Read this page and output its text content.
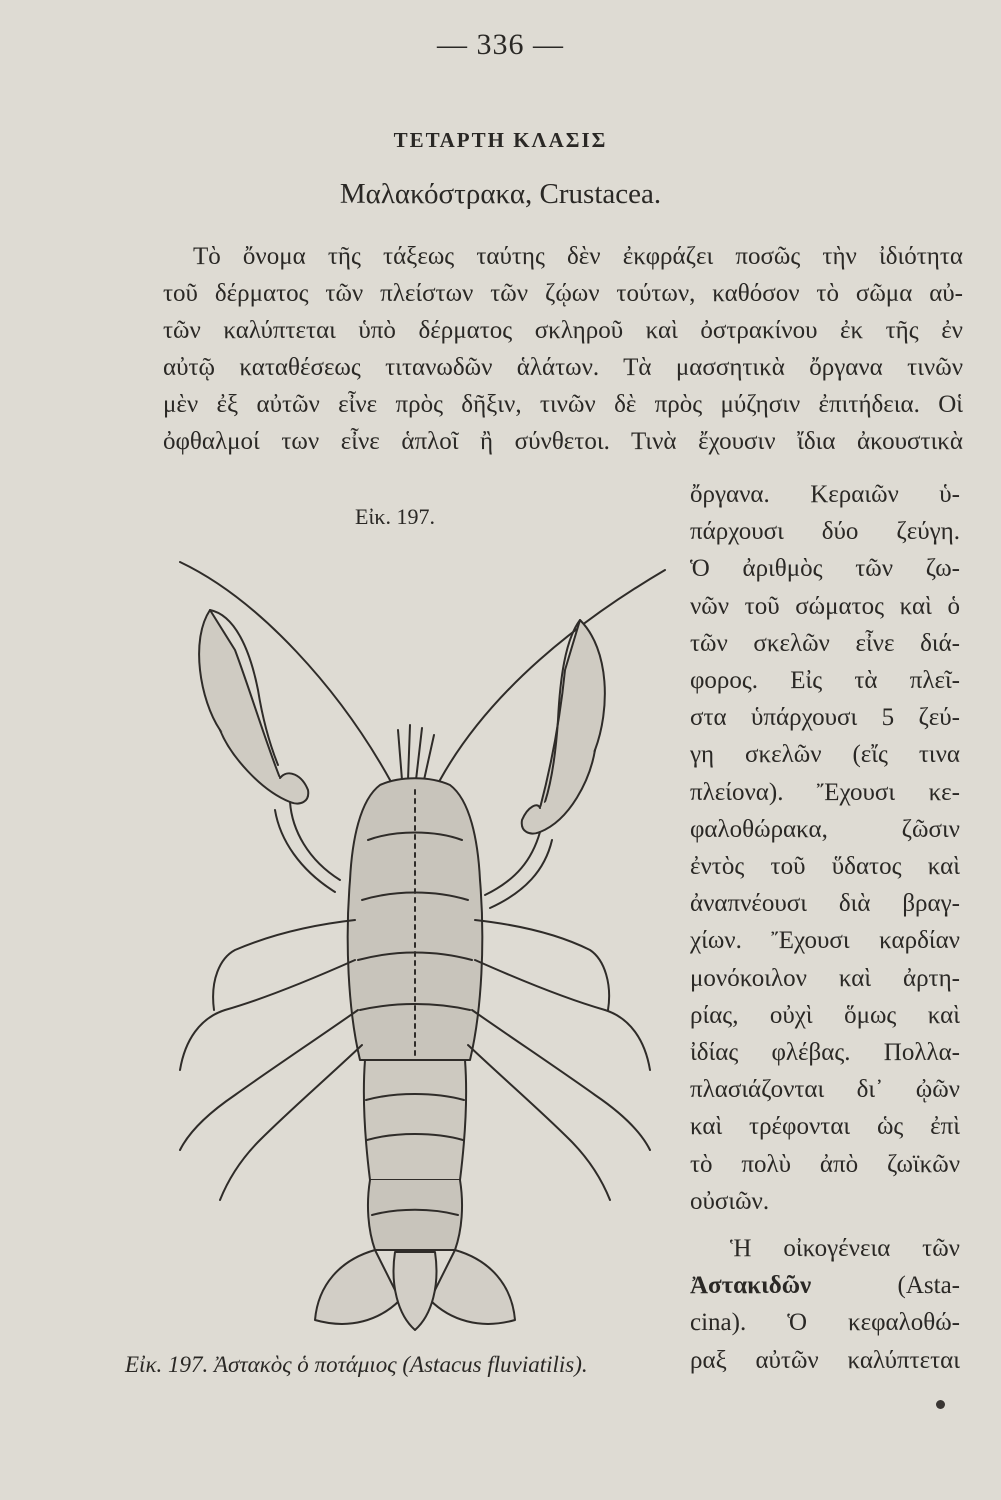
— 336 —
ΤΕΤΑΡΤΗ ΚΛΑΣΙΣ
Μαλακόστρακα, Crustacea.
Τὸ ὄνομα τῆς τάξεως ταύτης δὲν ἐκφράζει ποσῶς τὴν ἰδιότητα
τοῦ δέρματος τῶν πλείστων τῶν ζῴων τούτων, καθόσον τὸ σῶμα αὐ-
τῶν καλύπτεται ὑπὸ δέρματος σκληροῦ καὶ ὀστρακίνου ἐκ τῆς ἐν
αὐτῷ καταθέσεως τιτανωδῶν ἁλάτων. Τὰ μασσητικὰ ὄργανα τινῶν
μὲν ἐξ αὐτῶν εἶνε πρὸς δῆξιν, τινῶν δὲ πρὸς μύζησιν ἐπιτήδεια. Οἱ
ὀφθαλμοί των εἶνε ἁπλοῖ ἢ σύνθετοι. Τινὰ ἔχουσιν ἴδια ἀκουστικὰ
Εἰκ. 197.
ὄργανα. Κεραιῶν ὑ-
πάρχουσι δύο ζεύγη.
Ὁ ἀριθμὸς τῶν ζω-
νῶν τοῦ σώματος καὶ ὁ
τῶν σκελῶν εἶνε διά-
φορος. Εἰς τὰ πλεῖ-
στα ὑπάρχουσι 5 ζεύ-
γη σκελῶν (εἴς τινα
πλείονα). Ἔχουσι κε-
φαλοθώρακα, ζῶσιν
ἐντὸς τοῦ ὕδατος καὶ
ἀναπνέουσι διὰ βραγ-
χίων. Ἔχουσι καρδίαν
μονόκοιλον καὶ ἀρτη-
ρίας, οὐχὶ ὅμως καὶ
ἰδίας φλέβας. Πολλα-
πλασιάζονται δι᾽ ᾠῶν
καὶ τρέφονται ὡς ἐπὶ
τὸ πολὺ ἀπὸ ζωϊκῶν
οὐσιῶν.
Ἡ οἰκογένεια τῶν
Ἀστακιδῶν (Asta-
cina). Ὁ κεφαλοθώ-
ραξ αὐτῶν καλύπτεται
Εἰκ. 197. Ἀστακὸς ὁ ποτάμιος (Astacus fluviatilis).
